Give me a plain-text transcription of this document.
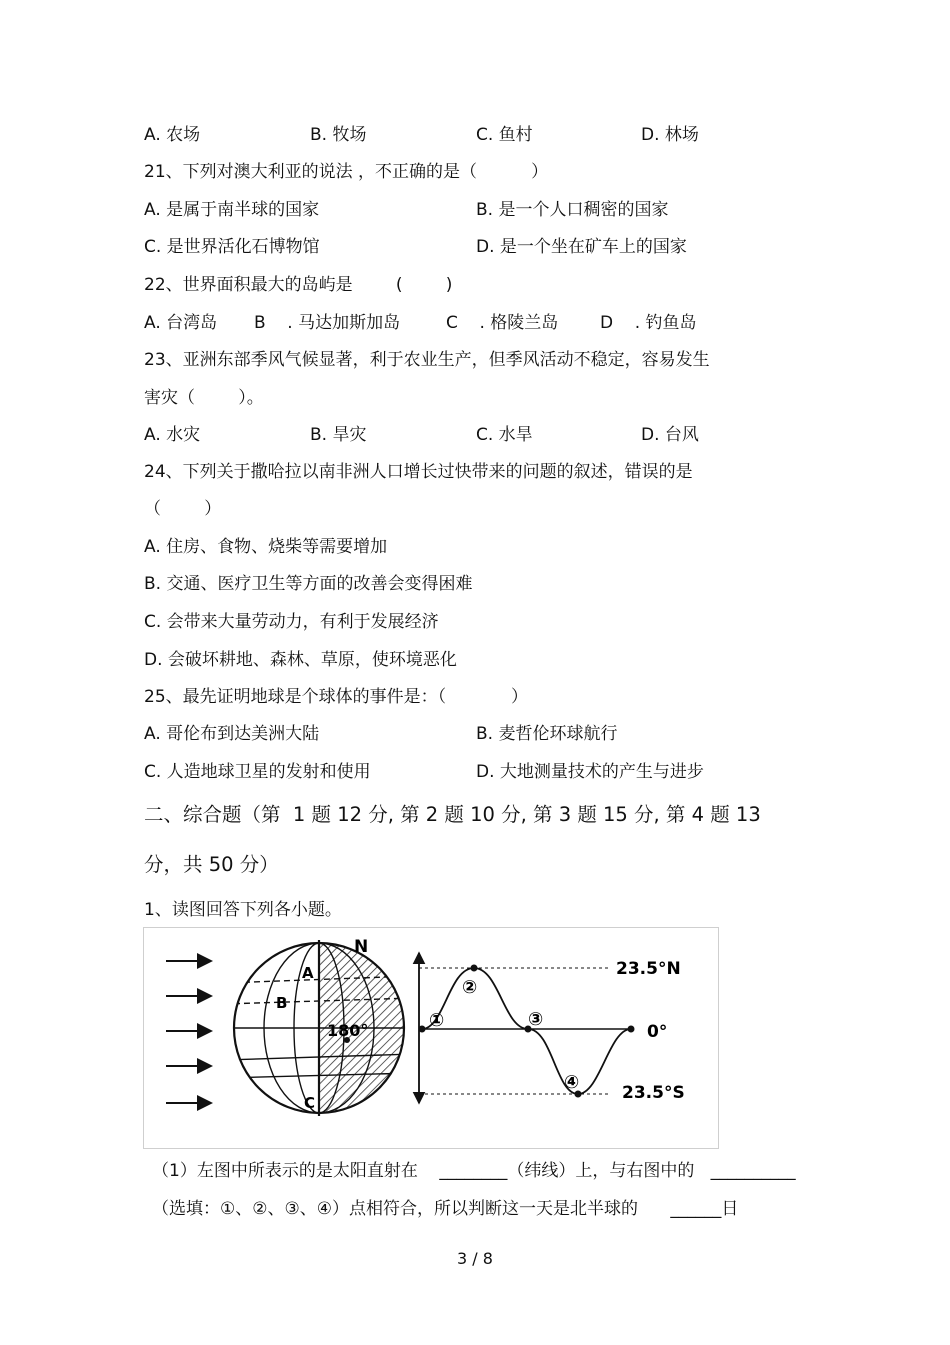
A. 农场	B. 牧场	C. 鱼村	D. 林场
21、下列对澳大利亚的说法 ，不正确的是（          ）
A. 是属于南半球的国家	B. 是一个人口稠密的国家
C. 是世界活化石博物馆	D. 是一个坐在矿车上的国家
22、世界面积最大的岛屿是        (        )
A. 台湾岛 B    . 马达加斯加岛	C    . 格陵兰岛 D    . 钓鱼岛
23、亚洲东部季风气候显著，利于农业生产，但季风活动不稳定，容易发生
害灾（        ）。
A. 水灾	B. 旱灾	C. 水旱	D. 台风
24、下列关于撒哈拉以南非洲人口增长过快带来的问题的叙述，错误的是
（        ）
A. 住房、食物、烧柴等需要增加
B. 交通、医疗卫生等方面的改善会变得困难
C. 会带来大量劳动力，有利于发展经济
D. 会破坏耕地、森林、草原，使环境恶化
25、最先证明地球是个球体的事件是：（            ）
A. 哥伦布到达美洲大陆	B. 麦哲伦环球航行
C. 人造地球卫星的发射和使用	D. 大地测量技术的产生与进步
二、综合题（第  1 题 12 分, 第 2 题 10 分, 第 3 题 15 分, 第 4 题 13
分，共 50 分）
1、读图回答下列各小题。
N
A
B
C
180°	①
②
③
④
23.5°N
0°
23.5°S
（1）左图中所表示的是太阳直射在    ________（纬线）上，与右图中的   __________
（选填：①、②、③、④）点相符合，所以判断这一天是北半球的      ______日
3 / 8
